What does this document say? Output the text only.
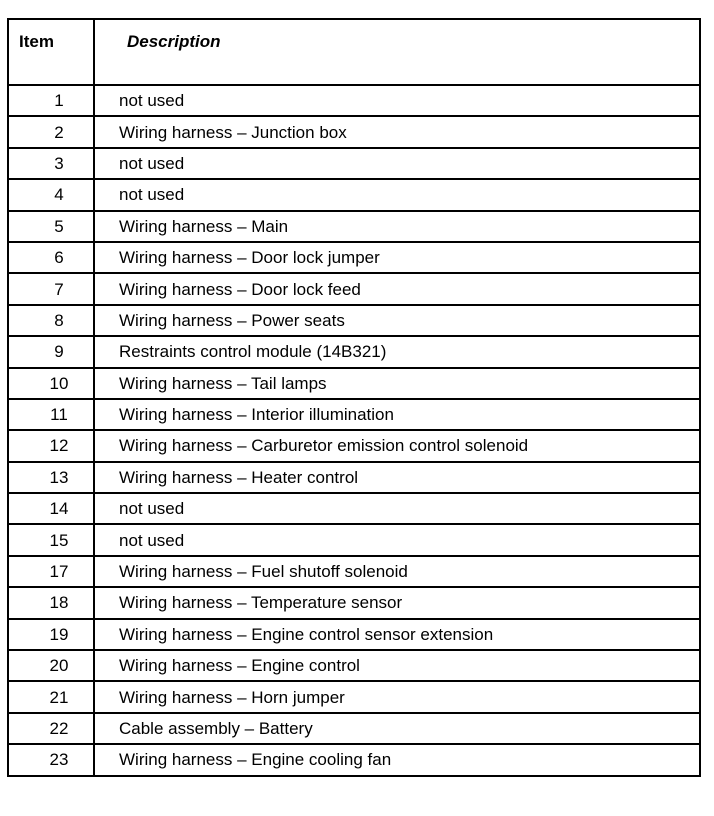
Item	Description
1	not used
2	Wiring harness – Junction box
3	not used
4	not used
5	Wiring harness – Main
6	Wiring harness – Door lock jumper
7	Wiring harness – Door lock feed
8	Wiring harness – Power seats
9	Restraints control module (14B321)
10	Wiring harness – Tail lamps
11	Wiring harness – Interior illumination
12	Wiring harness – Carburetor emission control solenoid
13	Wiring harness – Heater control
14	not used
15	not used
17	Wiring harness – Fuel shutoff solenoid
18	Wiring harness – Temperature sensor
19	Wiring harness – Engine control sensor extension
20	Wiring harness – Engine control
21	Wiring harness – Horn jumper
22	Cable assembly – Battery
23	Wiring harness – Engine cooling fan
